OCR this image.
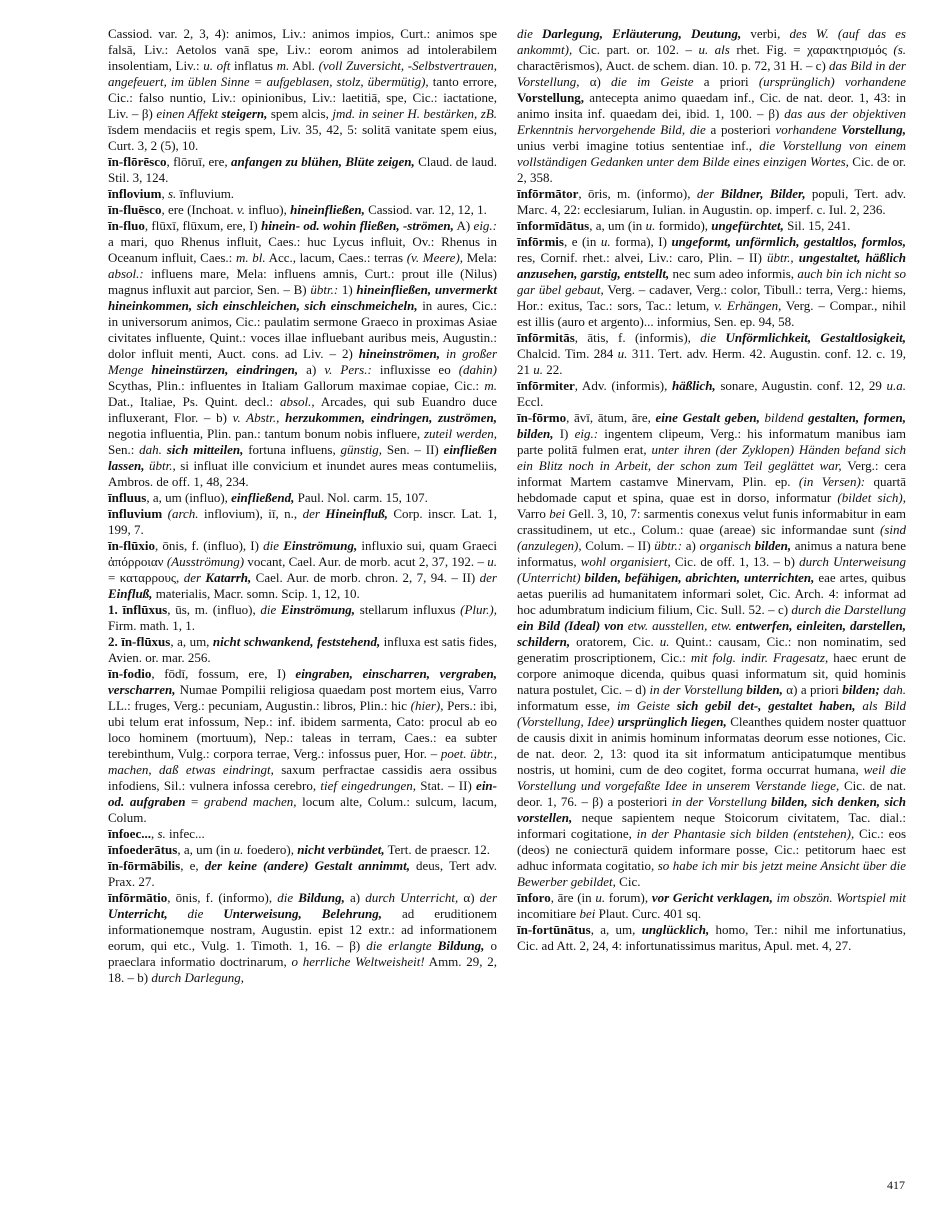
Cassiod. var. 2, 3, 4): animos, Liv.: animos impios, Curt.: animos spe falsā, Liv.: Aetolos vanā spe, Liv.: eorom animos ad intolerabilem insolentiam, Liv.: u. oft inflatus m. Abl. (voll Zuversicht, -Selbstvertrauen, angefeuert, im üblen Sinne = aufgeblasen, stolz, übermütig), tanto errore, Cic.: falso nuntio, Liv.: opinionibus, Liv.: laetitiā, spe, Cic.: iactatione, Liv. – β) einen Affekt steigern, spem alcis, jmd. in seiner H. bestärken, zB. īsdem mendaciis et regis spem, Liv. 35, 42, 5: solitā vanitate spem eius, Curt. 3, 2 (5), 10.

īn-flōrēsco, flōruī, ere, anfangen zu blühen, Blüte zeigen, Claud. de laud. Stil. 3, 124.

īnflovium, s. īnfluvium.

īn-fluēsco, ere (Inchoat. v. influo), hineinfließen, Cassiod. var. 12, 12, 1.

īn-fluo, flūxī, flūxum, ere, I) hinein- od. wohin fließen, -strömen, A) eig.: a mari, quo Rhenus influit, Caes.: huc Lycus influit, Ov.: Rhenus in Oceanum influit, Caes.: m. bl. Acc., lacum, Caes.: terras (v. Meere), Mela: absol.: influens mare, Mela: influens amnis, Curt.: prout ille (Nilus) magnus influxit aut parcior, Sen. – B) übtr.: 1) hineinfließen, unvermerkt hineinkommen, sich einschleichen, sich einschmeicheln, in aures, Cic.: in universorum animos, Cic.: paulatim sermone Graeco in proximas Asiae civitates influente, Quint.: voces illae influebant auribus meis, Augustin.: dolor influit menti, Auct. cons. ad Liv. – 2) hineinströmen, in großer Menge hineinstürzen, eindringen, a) v. Pers.: influxisse eo (dahin) Scythas, Plin.: influentes in Italiam Gallorum maximae copiae, Cic.: m. Dat., Italiae, Ps. Quint. decl.: absol., Arcades, qui sub Euandro duce influxerant, Flor. – b) v. Abstr., herzukommen, eindringen, zuströmen, negotia influentia, Plin. pan.: tantum bonum nobis influere, zuteil werden, Sen.: dah. sich mitteilen, fortuna influens, günstig, Sen. – II) einfließen lassen, übtr., si influat ille convicium et inundet aures meas contumeliis, Ambros. de off. 1, 48, 234.

īnfluus, a, um (influo), einfließend, Paul. Nol. carm. 15, 107.

īnfluvium (arch. inflovium), iī, n., der Hineinfluß, Corp. inscr. Lat. 1, 199, 7.

īn-flūxio, ōnis, f. (influo), I) die Einströmung, influxio sui, quam Graeci ἀπόρροιαν (Ausströmung) vocant, Cael. Aur. de morb. acut 2, 37, 192. – u. = καταρρους, der Katarrh, Cael. Aur. de morb. chron. 2, 7, 94. – II) der Einfluß, materialis, Macr. somn. Scip. 1, 12, 10.

1. īnflūxus, ūs, m. (influo), die Einströmung, stellarum influxus (Plur.), Firm. math. 1, 1.

2. īn-flūxus, a, um, nicht schwankend, feststehend, influxa est satis fides, Avien. or. mar. 256.

īn-fodio, fōdī, fossum, ere, I) eingraben, einscharren, vergraben, verscharren, Numae Pompilii religiosa quaedam post mortem eius, Varro LL.: fruges, Verg.: pecuniam, Augustin.: libros, Plin.: hic (hier), Pers.: ibi, ubi telum erat infossum, Nep.: inf. ibidem sarmenta, Cato: procul ab eo loco hominem (mortuum), Nep.: taleas in terram, Caes.: ea subter terebinthum, Vulg.: corpora terrae, Verg.: infossus puer, Hor. – poet. übtr., machen, daß etwas eindringt, saxum perfractae cassidis aera ossibus infodiens, Sil.: vulnera infossa cerebro, tief eingedrungen, Stat. – II) ein- od. aufgraben = grabend machen, locum alte, Colum.: sulcum, lacum, Colum.

īnfoec..., s. infec...

īnfoederātus, a, um (in u. foedero), nicht verbündet, Tert. de praescr. 12.

īn-fōrmābilis, e, der keine (andere) Gestalt annimmt, deus, Tert adv. Prax. 27.

īnfōrmātio, ōnis, f. (informo), die Bildung, a) durch Unterricht, α) der Unterricht, die Unterweisung, Belehrung, ad eruditionem informationemque nostram, Augustin. epist 12 extr.: ad informationem eorum, qui etc., Vulg. 1. Timoth. 1, 16. – β) die erlangte Bildung, o praeclara informatio doctrinarum, o herrliche Weltweisheit! Amm. 29, 2, 18. – b) durch Darlegung,

die Darlegung, Erläuterung, Deutung, verbi, des W. (auf das es ankommt), Cic. part. or. 102. – u. als rhet. Fig. = χαρακτηρισμός (s. charactērismos), Auct. de schem. dian. 10. p. 72, 31 H. – c) das Bild in der Vorstellung, α) die im Geiste a priori (ursprünglich) vorhandene Vorstellung, antecepta animo quaedam inf., Cic. de nat. deor. 1, 43: in animo insita inf. quaedam dei, ibid. 1, 100. – β) das aus der objektiven Erkenntnis hervorgehende Bild, die a posteriori vorhandene Vorstellung, unius verbi imagine totius sententiae inf., die Vorstellung von einem vollständigen Gedanken unter dem Bilde eines einzigen Wortes, Cic. de or. 2, 358.

īnfōrmātor, ōris, m. (informo), der Bildner, Bilder, populi, Tert. adv. Marc. 4, 22: ecclesiarum, Iulian. in Augustin. op. imperf. c. Iul. 2, 236.

īnformīdātus, a, um (in u. formido), ungefürchtet, Sil. 15, 241.

īnfōrmis, e (in u. forma), I) ungeformt, unförmlich, gestaltlos, formlos, res, Cornif. rhet.: alvei, Liv.: caro, Plin. – II) übtr., ungestaltet, häßlich anzusehen, garstig, entstellt, nec sum adeo informis, auch bin ich nicht so gar übel gebaut, Verg. – cadaver, Verg.: color, Tibull.: terra, Verg.: hiems, Hor.: exitus, Tac.: sors, Tac.: letum, v. Erhängen, Verg. – Compar., nihil est illis (auro et argento)... informius, Sen. ep. 94, 58.

īnfōrmitās, ātis, f. (informis), die Unförmlichkeit, Gestaltlosigkeit, Chalcid. Tim. 284 u. 311. Tert. adv. Herm. 42. Augustin. conf. 12. c. 19, 21 u. 22.

īnfōrmiter, Adv. (informis), häßlich, sonare, Augustin. conf. 12, 29 u.a. Eccl.

īn-fōrmo, āvī, ātum, āre, eine Gestalt geben, bildend gestalten, formen, bilden, I) eig.: ingentem clipeum, Verg.: his informatum manibus iam parte politā fulmen erat, unter ihren (der Zyklopen) Händen befand sich ein Blitz noch in Arbeit, der schon zum Teil geglättet war, Verg.: cera informat Martem castamve Minervam, Plin. ep. (in Versen): quartā hebdomade caput et spina, quae est in dorso, informatur (bildet sich), Varro bei Gell. 3, 10, 7: sarmentis conexus velut funis informabitur in eam crassitudinem, ut etc., Colum.: quae (areae) sic informandae sunt (sind (anzulegen), Colum. – II) übtr.: a) organisch bilden, animus a natura bene informatus, wohl organisiert, Cic. de off. 1, 13. – b) durch Unterweisung (Unterricht) bilden, befähigen, abrichten, unterrichten, eae artes, quibus aetas puerilis ad humanitatem informari solet, Cic. Arch. 4: informat ad hoc adumbratum indicium filium, Cic. Sull. 52. – c) durch die Darstellung ein Bild (Ideal) von etw. ausstellen, etw. entwerfen, einleiten, darstellen, schildern, oratorem, Cic. u. Quint.: causam, Cic.: non nominatim, sed generatim proscriptionem, Cic.: mit folg. indir. Fragesatz, haec erunt de corpore animoque dicenda, quibus quasi informatum sit, quid hominis natura postulet, Cic. – d) in der Vorstellung bilden, α) a priori bilden; dah. informatum esse, im Geiste sich gebil det-, gestaltet haben, als Bild (Vorstellung, Idee) ursprünglich liegen, Cleanthes quidem noster quattuor de causis dixit in animis hominum informatas deorum esse notiones, Cic. de nat. deor. 2, 13: quod ita sit informatum anticipatumque mentibus nostris, ut homini, cum de deo cogitet, forma occurrat humana, weil die Vorstellung und vorgefaßte Idee in unserem Verstande liege, Cic. de nat. deor. 1, 76. – β) a posteriori in der Vorstellung bilden, sich denken, sich vorstellen, neque sapientem neque Stoicorum civitatem, Tac. dial.: informari cogitatione, in der Phantasie sich bilden (entstehen), Cic.: eos (deos) ne coniecturā quidem informare posse, Cic.: petitorum haec est adhuc informata cogitatio, so habe ich mir bis jetzt meine Ansicht über die Bewerber gebildet, Cic.

īnforo, āre (in u. forum), vor Gericht verklagen, im obszön. Wortspiel mit incomitiare bei Plaut. Curc. 401 sq.

īn-fortūnātus, a, um, unglücklich, homo, Ter.: nihil me infortunatius, Cic. ad Att. 2, 24, 4: infortunatissimus maritus, Apul. met. 4, 27.

417
